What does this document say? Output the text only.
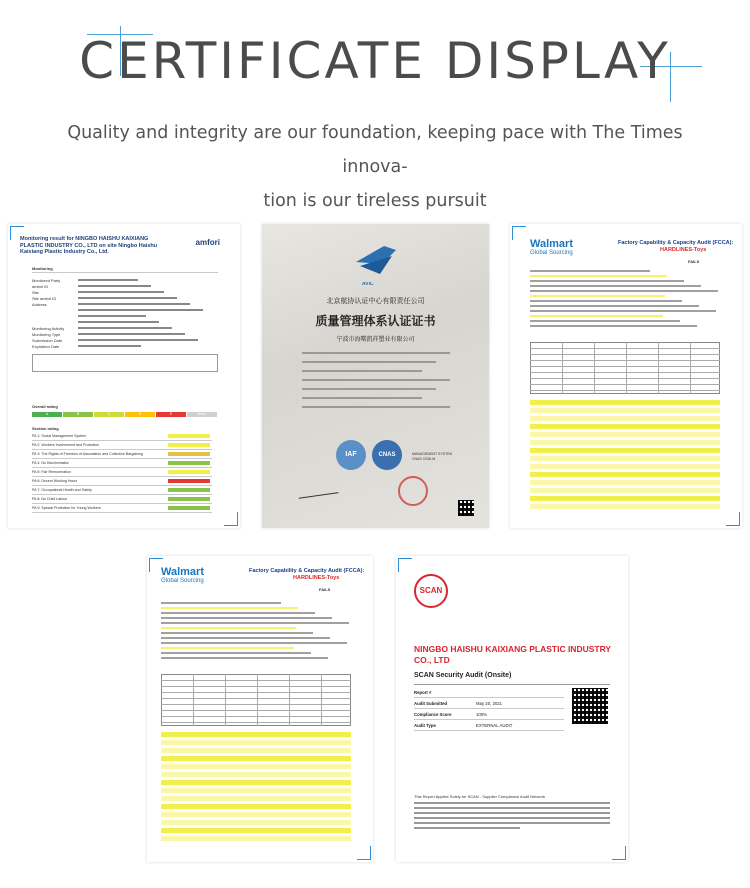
CERTIFICATE DISPLAY
Quality and integrity are our foundation, keeping pace with The Times innova-
tion is our tireless pursuit
Monitoring result for NINGBO HAISHU KAIXIANG PLASTIC INDUSTRY CO., LTD on site Ningbo Haishu Kaixiang Plastic Industry Co., Ltd.
amfori
Monitoring
Monitored Party
amfori ID
Site
Site amfori ID
Address
Monitoring Activity
Monitoring Type
Submission Date
Expiration Date
Overall rating
A	B	C	D	E	None
Section rating
PA 1: Social Management System
PA 2: Workers Involvement and Protection
PA 3: The Rights of Freedom of Association and Collective Bargaining
PA 4: No Discrimination
PA 5: Fair Remuneration
PA 6: Decent Working Hours
PA 7: Occupational Health and Safety
PA 8: No Child Labour
PA 9: Special Protection for Young Workers
AVIC
北京航协认证中心有限责任公司
质量管理体系认证证书
宁波市海曙凯祥塑业有限公司
IAF	CNAS	MANAGEMENT SYSTEM
CNAS C036-M
Walmart
Global Sourcing
Factory Capability & Capacity Audit (FCCA):
HARDLINES-Toys
FAILS
Walmart
Global Sourcing
Factory Capability & Capacity Audit (FCCA):
HARDLINES-Toys
FAILS	SCAN
NINGBO HAISHU KAIXIANG PLASTIC INDUSTRY CO., LTD
SCAN Security Audit (Onsite)
Report #
Audit Submitted	May 20, 2021
Compliance Score	100%
Audit Type	EXTERNAL AUDIT
This Report Applies Solely for SCAN - Supplier Compliance Audit Network
